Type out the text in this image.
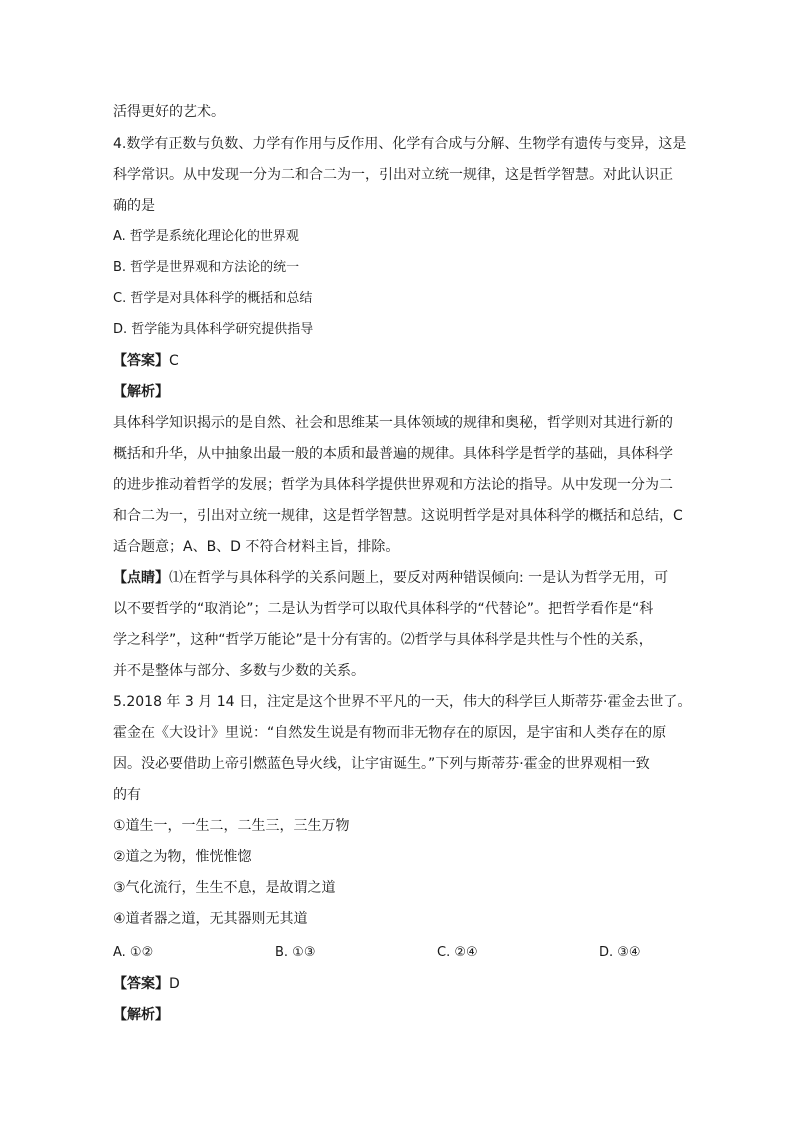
活得更好的艺术。
4.数学有正数与负数、力学有作用与反作用、化学有合成与分解、生物学有遗传与变异，这是
科学常识。从中发现一分为二和合二为一，引出对立统一规律，这是哲学智慧。对此认识正
确的是
A. 哲学是系统化理论化的世界观
B. 哲学是世界观和方法论的统一
C. 哲学是对具体科学的概括和总结
D. 哲学能为具体科学研究提供指导
【答案】C
【解析】
具体科学知识揭示的是自然、社会和思维某一具体领域的规律和奥秘，哲学则对其进行新的
概括和升华，从中抽象出最一般的本质和最普遍的规律。具体科学是哲学的基础，具体科学
的进步推动着哲学的发展；哲学为具体科学提供世界观和方法论的指导。从中发现一分为二
和合二为一，引出对立统一规律，这是哲学智慧。这说明哲学是对具体科学的概括和总结，C
适合题意；A、B、D 不符合材料主旨，排除。
【点睛】⑴在哲学与具体科学的关系问题上，要反对两种错误倾向: 一是认为哲学无用，可
以不要哲学的“取消论”；二是认为哲学可以取代具体科学的“代替论”。把哲学看作是“科
学之科学”，这种“哲学万能论”是十分有害的。⑵哲学与具体科学是共性与个性的关系，
并不是整体与部分、多数与少数的关系。
5.2018 年 3 月 14 日，注定是这个世界不平凡的一天，伟大的科学巨人斯蒂芬·霍金去世了。
霍金在《大设计》里说：“自然发生说是有物而非无物存在的原因，是宇宙和人类存在的原
因。没必要借助上帝引燃蓝色导火线，让宇宙诞生。”下列与斯蒂芬·霍金的世界观相一致
的有
①道生一，一生二，二生三，三生万物
②道之为物，惟恍惟惚
③气化流行，生生不息，是故谓之道
④道者器之道，无其器则无其道
A. ①②	B. ①③	C. ②④	D. ③④
【答案】D
【解析】
